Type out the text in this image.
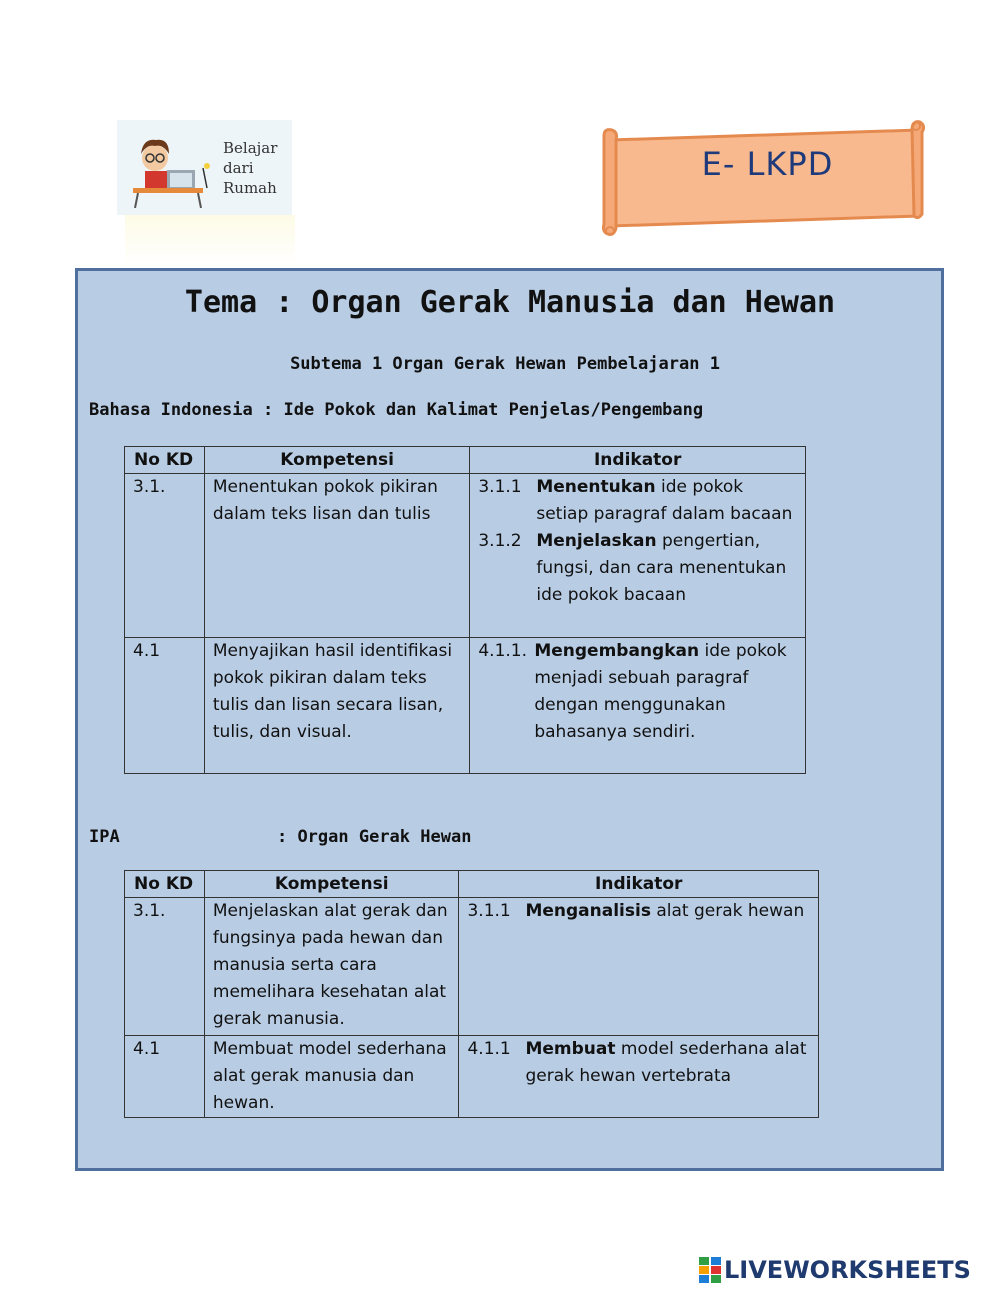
Belajar
dari
Rumah
E- LKPD
Tema : Organ Gerak Manusia dan Hewan
Subtema 1 Organ Gerak Hewan Pembelajaran 1
Bahasa Indonesia : Ide Pokok dan Kalimat Penjelas/Pengembang
No KD	Kompetensi	Indikator
3.1.	Menentukan pokok pikiran dalam teks lisan dan tulis	3.1.1 Menentukan ide pokok setiap paragraf dalam bacaan
3.1.2 Menjelaskan pengertian, fungsi, dan cara menentukan ide pokok bacaan

4.1	Menyajikan hasil identifikasi pokok pikiran dalam teks tulis dan lisan secara lisan, tulis, dan visual.	4.1.1. Mengembangkan ide pokok menjadi sebuah paragraf dengan menggunakan bahasanya sendiri.
IPA	: Organ Gerak Hewan
No KD	Kompetensi	Indikator
3.1.	Menjelaskan alat gerak dan fungsinya pada hewan dan manusia serta cara memelihara kesehatan alat gerak manusia.	3.1.1 Menganalisis alat gerak hewan

4.1	Membuat model sederhana alat gerak manusia dan hewan.	4.1.1 Membuat model sederhana alat gerak hewan vertebrata
LIVEWORKSHEETS
